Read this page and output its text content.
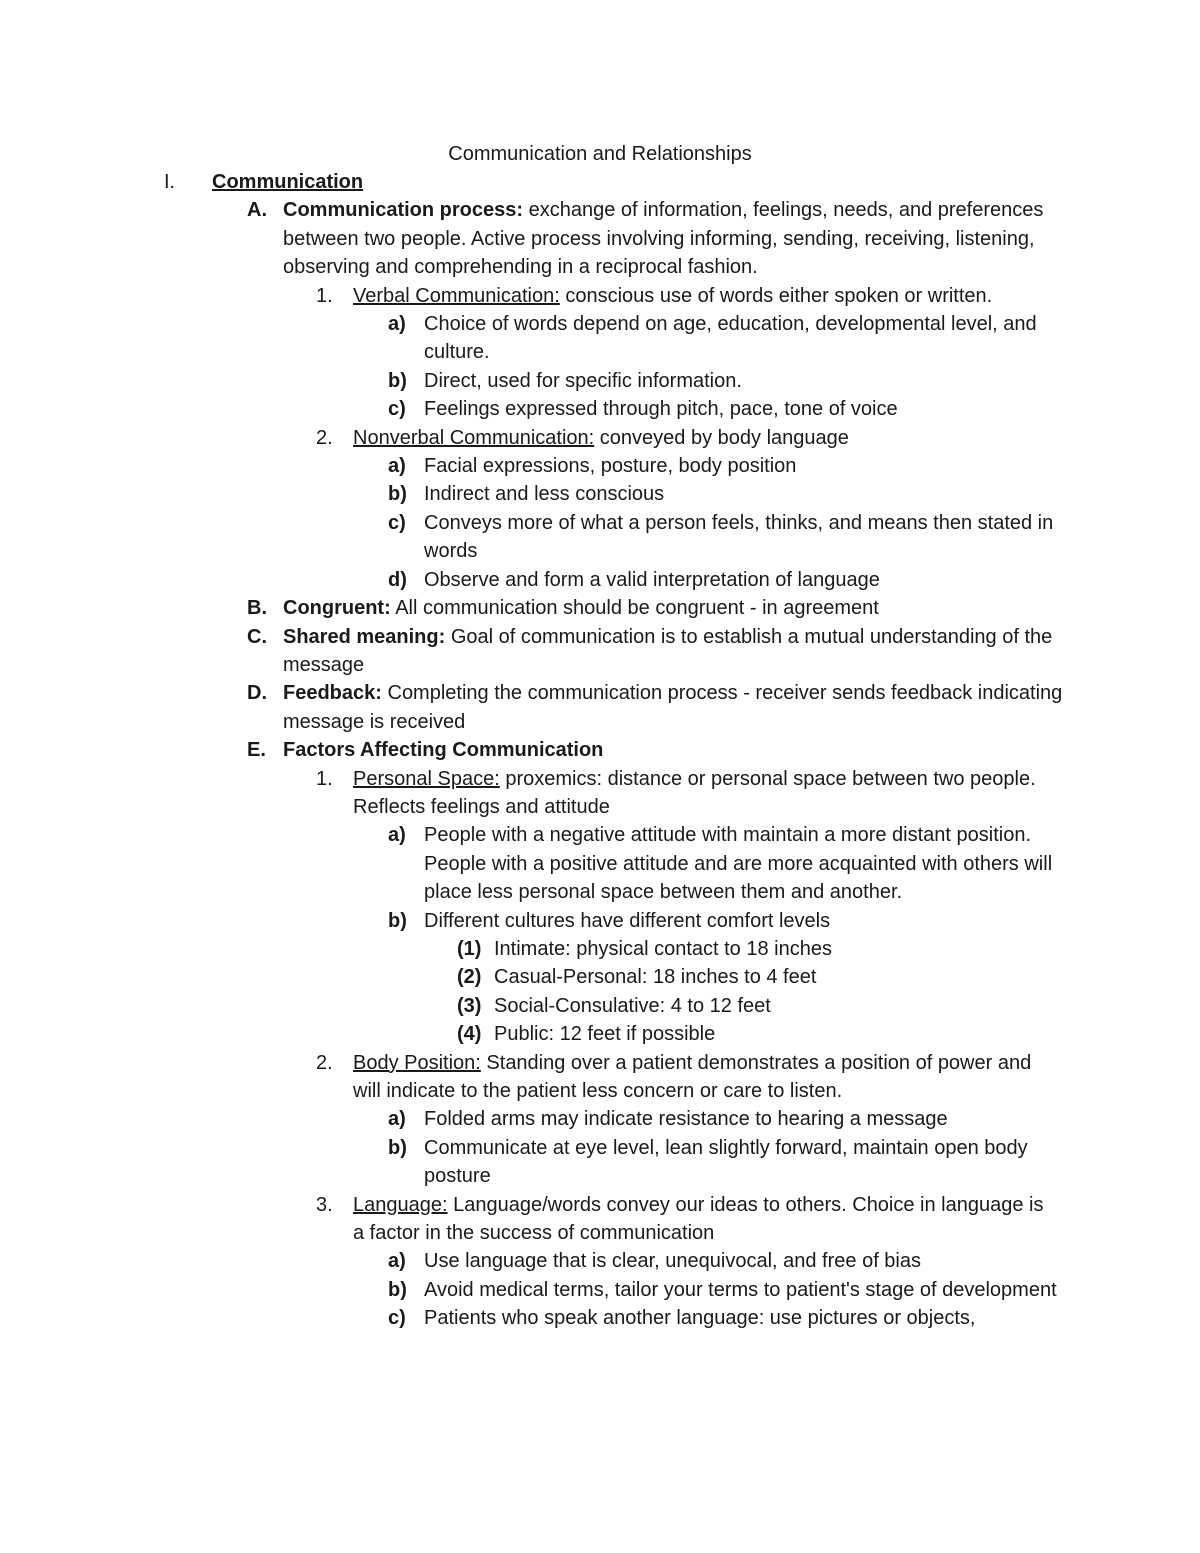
Communication and Relationships
I. Communication
A. Communication process: exchange of information, feelings, needs, and preferences between two people. Active process involving informing, sending, receiving, listening, observing and comprehending in a reciprocal fashion.
1. Verbal Communication: conscious use of words either spoken or written.
a) Choice of words depend on age, education, developmental level, and culture.
b) Direct, used for specific information.
c) Feelings expressed through pitch, pace, tone of voice
2. Nonverbal Communication: conveyed by body language
a) Facial expressions, posture, body position
b) Indirect and less conscious
c) Conveys more of what a person feels, thinks, and means then stated in words
d) Observe and form a valid interpretation of language
B. Congruent: All communication should be congruent - in agreement
C. Shared meaning: Goal of communication is to establish a mutual understanding of the message
D. Feedback: Completing the communication process - receiver sends feedback indicating message is received
E. Factors Affecting Communication
1. Personal Space: proxemics: distance or personal space between two people. Reflects feelings and attitude
a) People with a negative attitude with maintain a more distant position. People with a positive attitude and are more acquainted with others will place less personal space between them and another.
b) Different cultures have different comfort levels
(1) Intimate: physical contact to 18 inches
(2) Casual-Personal: 18 inches to 4 feet
(3) Social-Consulative: 4 to 12 feet
(4) Public: 12 feet if possible
2. Body Position: Standing over a patient demonstrates a position of power and will indicate to the patient less concern or care to listen.
a) Folded arms may indicate resistance to hearing a message
b) Communicate at eye level, lean slightly forward, maintain open body posture
3. Language: Language/words convey our ideas to others. Choice in language is a factor in the success of communication
a) Use language that is clear, unequivocal, and free of bias
b) Avoid medical terms, tailor your terms to patient's stage of development
c) Patients who speak another language: use pictures or objects,
